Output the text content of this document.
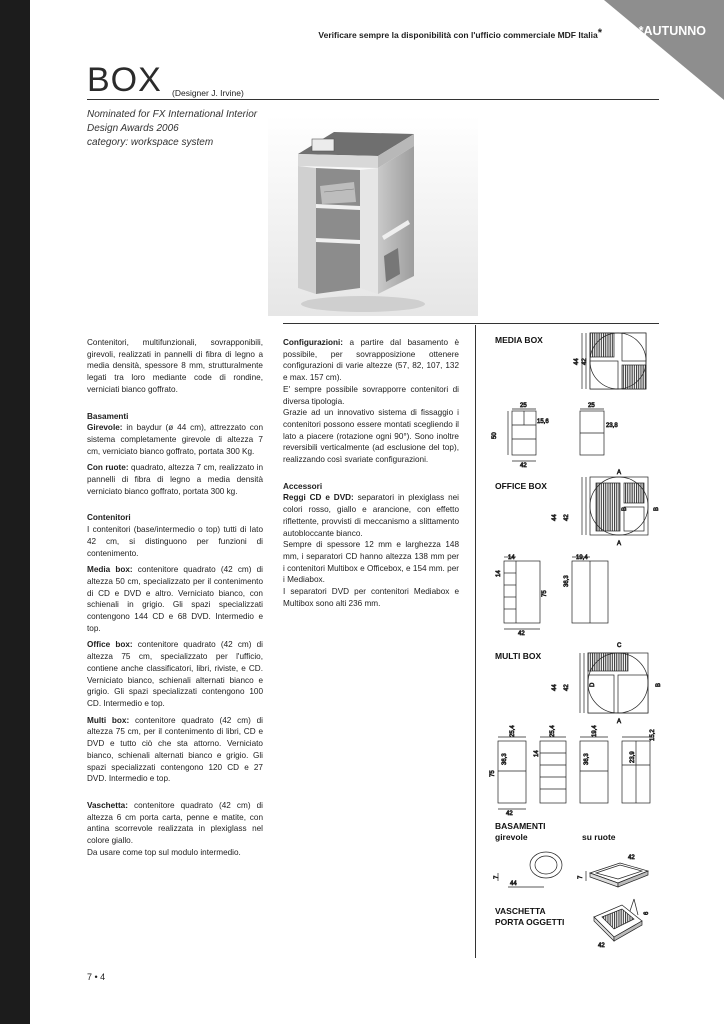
Verificare sempre la disponibilità con l'ufficio commerciale MDF Italia*	*AUTUNNO
BOX (Designer J. Irvine)
Nominated for FX International Interior
Design Awards 2006
category: workspace system

Contenitori, multifunzionali, sovrapponibili, girevoli, realizzati in pannelli di fibra di legno a media densità, spessore 8 mm, strutturalmente legati tra loro mediante code di rondine, verniciati bianco goffrato.

Basamenti

Girevole: in baydur (ø 44 cm), attrezzato con sistema completamente girevole di altezza 7 cm, verniciato bianco goffrato, portata 300 Kg.

Con ruote: quadrato, altezza 7 cm, realizzato in pannelli di fibra di legno a media densità verniciato bianco goffrato, portata 300 kg.

Contenitori

I contenitori (base/intermedio o top) tutti di lato 42 cm, si distinguono per funzioni di contenimento.

Media box: contenitore quadrato (42 cm) di altezza 50 cm, specializzato per il contenimento di CD e DVD e altro. Verniciato bianco, con schienali in grigio. Gli spazi specializzati contengono 144 CD e 68 DVD. Intermedio e top.

Office box: contenitore quadrato (42 cm) di altezza 75 cm, specializzato per l'ufficio, contiene anche classificatori, libri, riviste, e CD. Verniciato bianco, schienali alternati bianco e grigio. Gli spazi specializzati contengono 100 CD. Intermedio e top.

Multi box: contenitore quadrato (42 cm) di altezza 75 cm, per il contenimento di libri, CD e DVD e tutto ciò che sta attorno. Verniciato bianco, schienali alternati bianco e grigio. Gli spazi specializzati contengono 120 CD e 27 DVD. Intermedio e top.

Vaschetta: contenitore quadrato (42 cm) di altezza 6 cm porta carta, penne e matite, con antina scorrevole realizzata in plexiglass nel colore giallo.

Da usare come top sul modulo intermedio.

Configurazioni: a partire dal basamento è possibile, per sovrapposizione ottenere configurazioni di varie altezze (57, 82, 107, 132 e max. 157 cm).

E' sempre possibile sovrapporre contenitori di diversa tipologia.

Grazie ad un innovativo sistema di fissaggio i contenitori possono essere montati scegliendo il lato a piacere (rotazione ogni 90°). Sono inoltre reversibili verticalmente (ad esclusione del top), realizzando così svariate configurazioni.

Accessori

Reggi CD e DVD: separatori in plexiglass nei colori rosso, giallo e arancione, con effetto riflettente, provvisti di meccanismo a slittamento autobloccante bianco.

Sempre di spessore 12 mm e larghezza 148 mm, i separatori CD hanno altezza 138 mm per i contenitori Multibox e Officebox, e 154 mm. per i Mediabox.

I separatori DVD per contenitori Mediabox e Multibox sono alti 236 mm.

MEDIA BOX
OFFICE BOX
MULTI BOX
BASAMENTI
girevole	su ruote
VASCHETTA
PORTA OGGETTI
44 42
25
15,6
50
42
25
23,8
44 42
A
B	B
A
14
14
75
42
19,4
36,3
44 42
C
D	B
A
25,4
75
36,3
42
25,4
14
19,4
36,3
15,2
23,9
7
44
42
7
6
42
7 • 4
